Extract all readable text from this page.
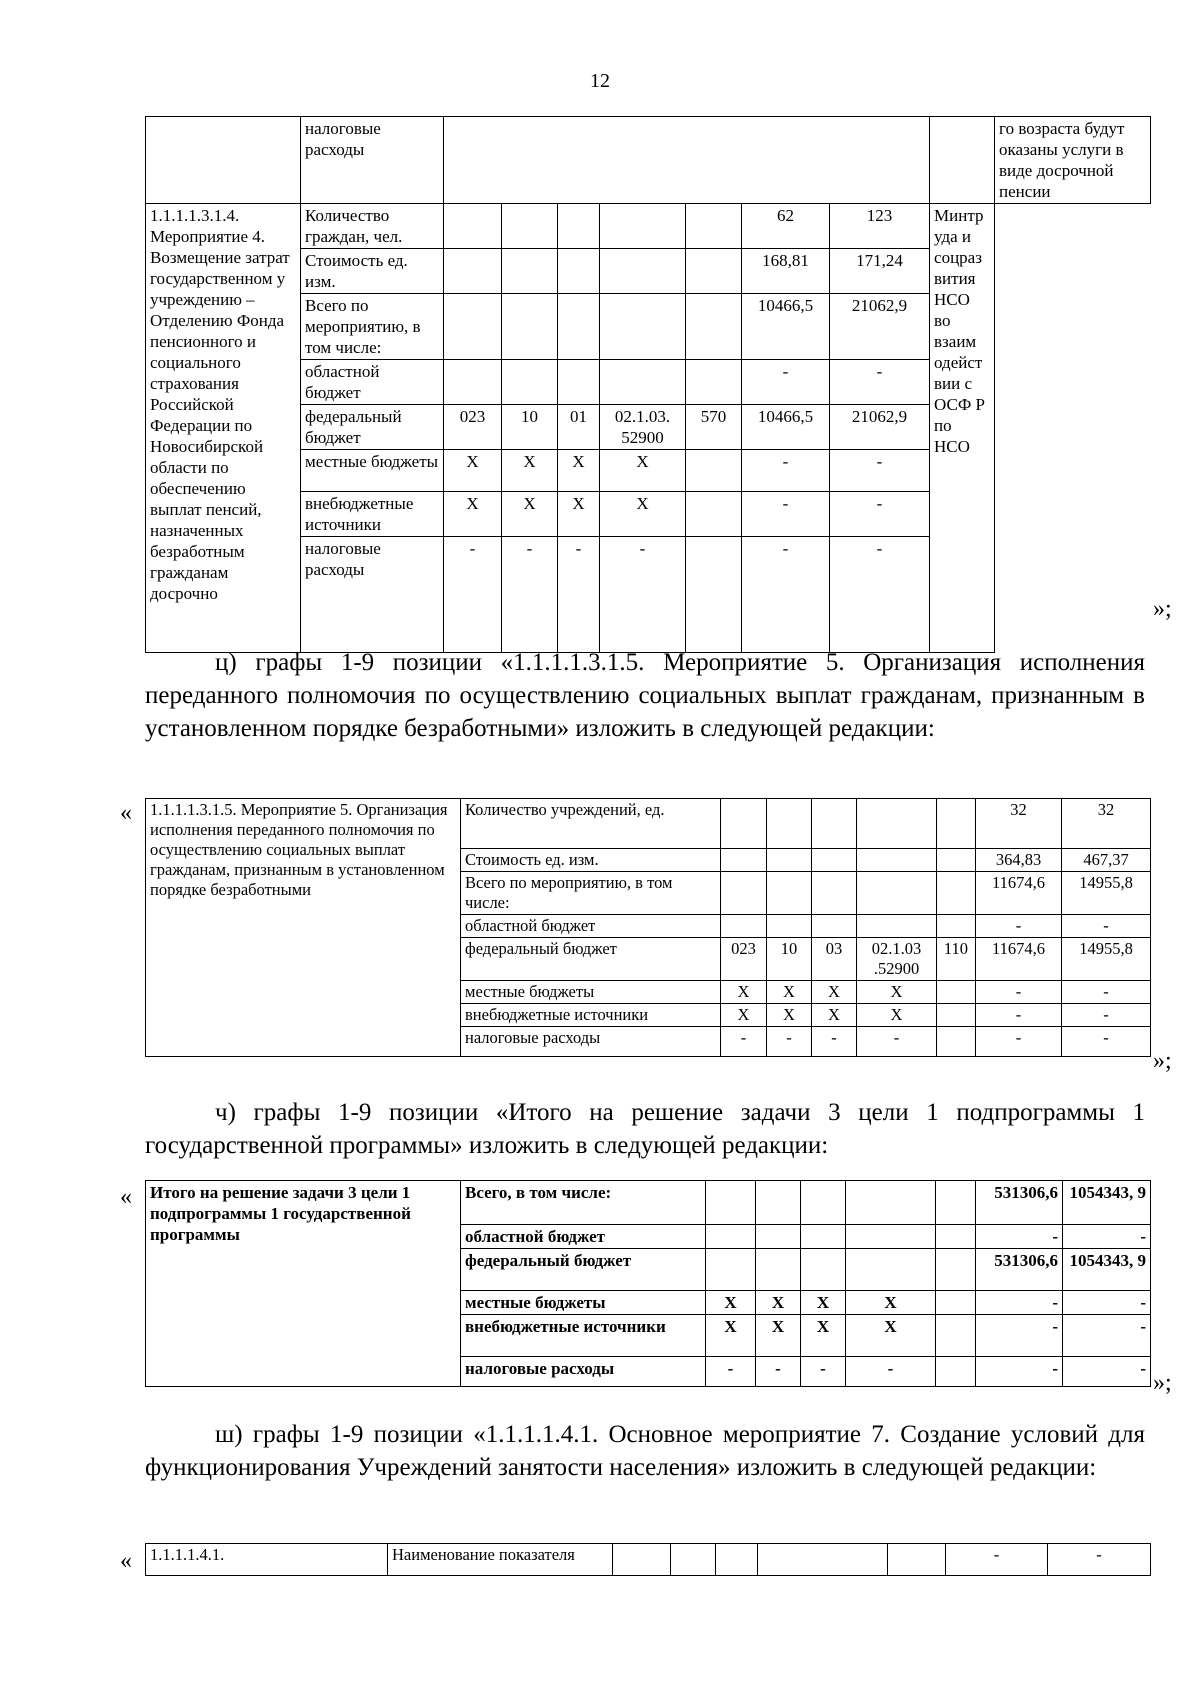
12
	налоговые расходы									го возраста будут оказаны услуги в виде досрочной пенсии
1.1.1.1.3.1.4. Мероприятие 4. Возмещение затрат государственном у учреждению – Отделению Фонда пенсионного и социального страхования Российской Федерации по Новосибирской области по обеспечению выплат пенсий, назначенных безработным гражданам досрочно	Количество граждан, чел.						62	123	Минтр уда и соцраз вития НСО во взаим одейст вии с ОСФ Р по НСО	
	Стоимость ед. изм.						168,81	171,24		
	Всего по мероприятию, в том числе:						10466,5	21062,9		
	областной бюджет						-	-		
	федеральный бюджет	023	10	01	02.1.03. 52900	570	10466,5	21062,9		
	местные бюджеты	X	X	X	X		-	-		
	внебюджетные источники	X	X	X	X		-	-		
	налоговые расходы	-	-	-	-		-	-		
»;
ц) графы 1-9 позиции «1.1.1.1.3.1.5. Мероприятие 5. Организация исполнения переданного полномочия по осуществлению социальных выплат гражданам, признанным в установленном порядке безработными» изложить в следующей редакции:
« 1.1.1.1.3.1.5. Мероприятие 5. Организация исполнения переданного полномочия по осуществлению социальных выплат гражданам, признанным в установленном порядке безработными	Количество учреждений, ед.						32	32
	Стоимость ед. изм.						364,83	467,37
	Всего по мероприятию, в том числе:						11674,6	14955,8
	областной бюджет						-	-
	федеральный бюджет	023	10	03	02.1.03 .52900	110	11674,6	14955,8
	местные бюджеты	X	X	X	X		-	-
	внебюджетные источники	X	X	X	X		-	-
	налоговые расходы	-	-	-	-		-	-
»;
ч) графы 1-9 позиции «Итого на решение задачи 3 цели 1 подпрограммы 1 государственной программы» изложить в следующей редакции:
« Итого на решение задачи 3 цели 1 подпрограммы 1 государственной программы	Всего, в том числе:						531306,6	1054343, 9
	областной бюджет						-	-
	федеральный бюджет						531306,6	1054343, 9
	местные бюджеты	X	X	X	X		-	-
	внебюджетные источники	X	X	X	X		-	-
	налоговые расходы	-	-	-	-		-	-
»;
ш) графы 1-9 позиции «1.1.1.1.4.1. Основное мероприятие 7. Создание условий для функционирования Учреждений занятости населения» изложить в следующей редакции:
« 1.1.1.1.4.1.	Наименование показателя						-	-
